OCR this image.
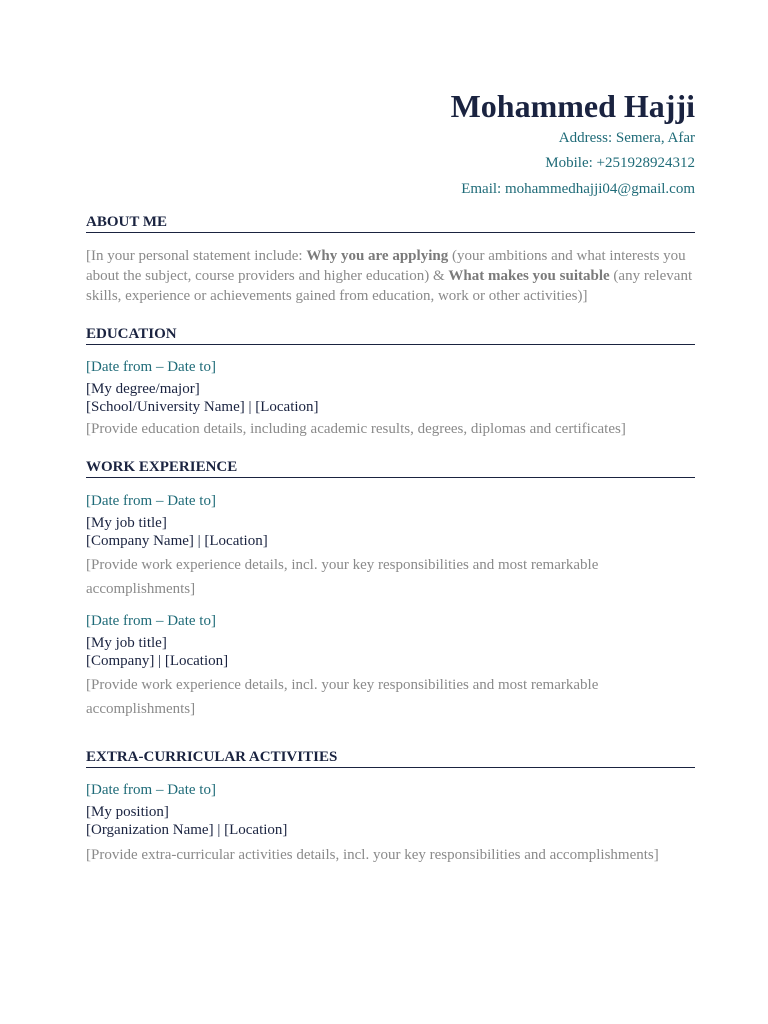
Mohammed Hajji

Address: Semera, Afar

Mobile: +251928924312

Email: mohammedhajji04@gmail.com

ABOUT ME

[In your personal statement include: Why you are applying (your ambitions and what interests you about the subject, course providers and higher education) & What makes you suitable (any relevant skills, experience or achievements gained from education, work or other activities)]

EDUCATION

[Date from – Date to]

[My degree/major]

[School/University Name] | [Location]

[Provide education details, including academic results, degrees, diplomas and certificates]

WORK EXPERIENCE

[Date from – Date to]

[My job title]

[Company Name] | [Location]

[Provide work experience details, incl. your key responsibilities and most remarkable accomplishments]

[Date from – Date to]

[My job title]

[Company] | [Location]

[Provide work experience details, incl. your key responsibilities and most remarkable accomplishments]

EXTRA-CURRICULAR ACTIVITIES

[Date from – Date to]

[My position]

[Organization Name] | [Location]

[Provide extra-curricular activities details, incl. your key responsibilities and accomplishments]
